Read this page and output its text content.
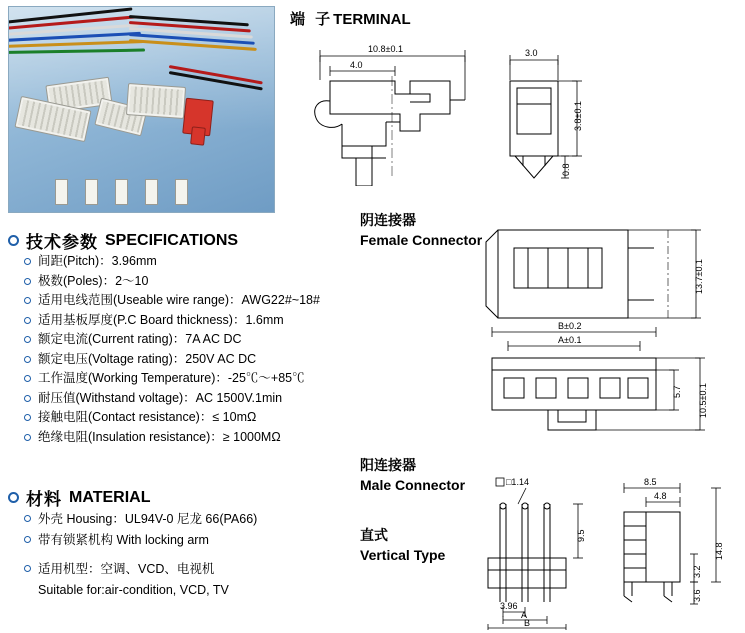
技术参数 SPECIFICATIONS
间距(Pitch)：3.96mm
极数(Poles)：2～10
适用电线范围(Useable wire range)：AWG22#~18#
适用基板厚度(P.C Board thickness)：1.6mm
额定电流(Current rating)：7A AC DC
额定电压(Voltage rating)：250V AC DC
工作温度(Working Temperature)：-25℃～+85℃
耐压值(Withstand voltage)：AC 1500V.1min
接触电阻(Contact resistance)：≤ 10mΩ
绝缘电阻(Insulation resistance)：≥ 1000MΩ
材料 MATERIAL
外壳 Housing：UL94V-0 尼龙 66(PA66)
带有锁紧机构 With locking arm
适用机型：空调、VCD、电视机
Suitable for:air-condition, VCD, TV
端 子TERMINAL
10.8±0.1
4.0
3.0
3.8±0.1
0.8
阴连接器
Female Connector
13.7±0.1
B±0.2
A±0.1
5.7 10.5±0.1
阳连接器
Male Connector
直式
Vertical Type
□1.14
3.96
A
B
9.5
8.5
4.8
14.8
3.2
3.6
